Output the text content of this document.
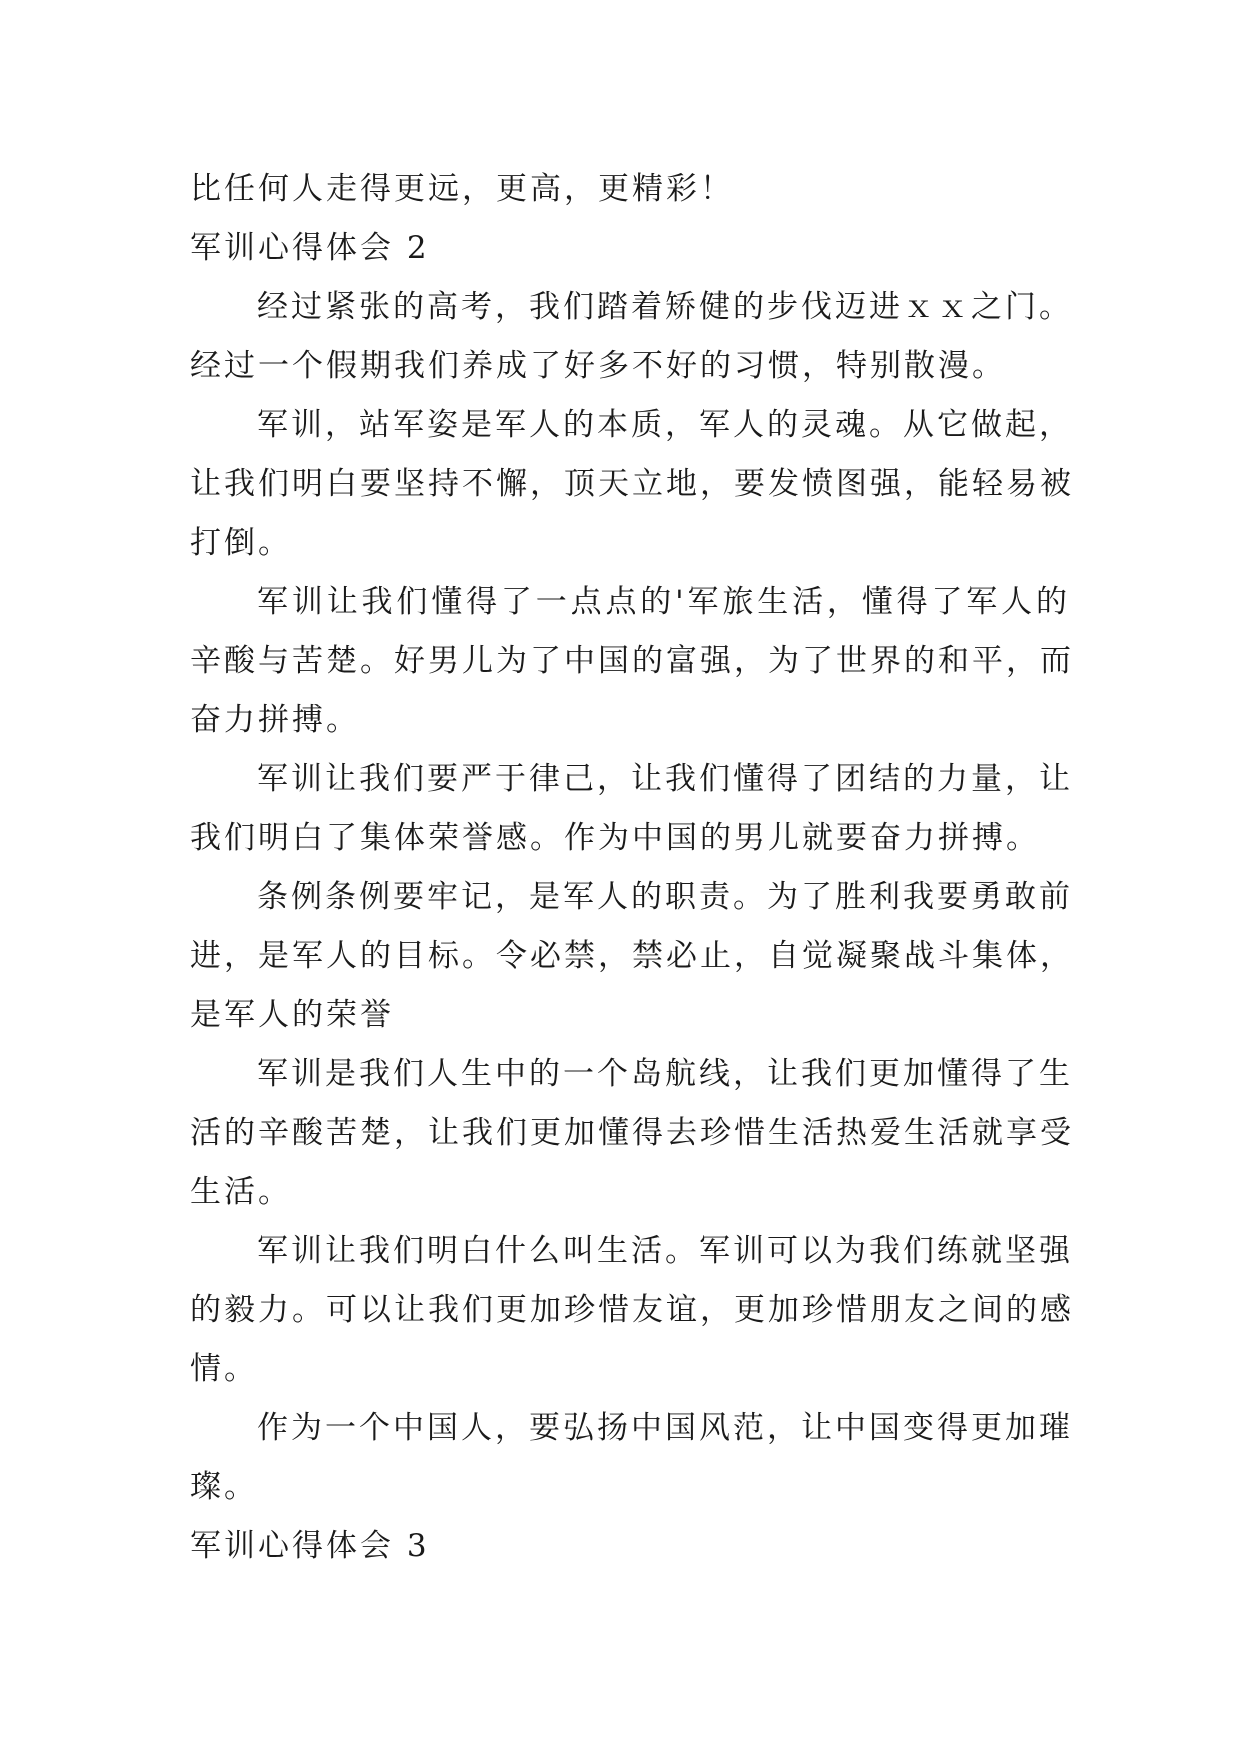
比任何人走得更远，更高，更精彩！
军训心得体会 2
经过紧张的高考，我们踏着矫健的步伐迈进ｘｘ之门。
经过一个假期我们养成了好多不好的习惯，特别散漫。
军训，站军姿是军人的本质，军人的灵魂。从它做起，
让我们明白要坚持不懈，顶天立地，要发愤图强，能轻易被
打倒。
军训让我们懂得了一点点的'军旅生活，懂得了军人的
辛酸与苦楚。好男儿为了中国的富强，为了世界的和平，而
奋力拼搏。
军训让我们要严于律己，让我们懂得了团结的力量，让
我们明白了集体荣誉感。作为中国的男儿就要奋力拼搏。
条例条例要牢记，是军人的职责。为了胜利我要勇敢前
进，是军人的目标。令必禁，禁必止，自觉凝聚战斗集体，
是军人的荣誉
军训是我们人生中的一个岛航线，让我们更加懂得了生
活的辛酸苦楚，让我们更加懂得去珍惜生活热爱生活就享受
生活。
军训让我们明白什么叫生活。军训可以为我们练就坚强
的毅力。可以让我们更加珍惜友谊，更加珍惜朋友之间的感
情。
作为一个中国人，要弘扬中国风范，让中国变得更加璀
璨。
军训心得体会 3
